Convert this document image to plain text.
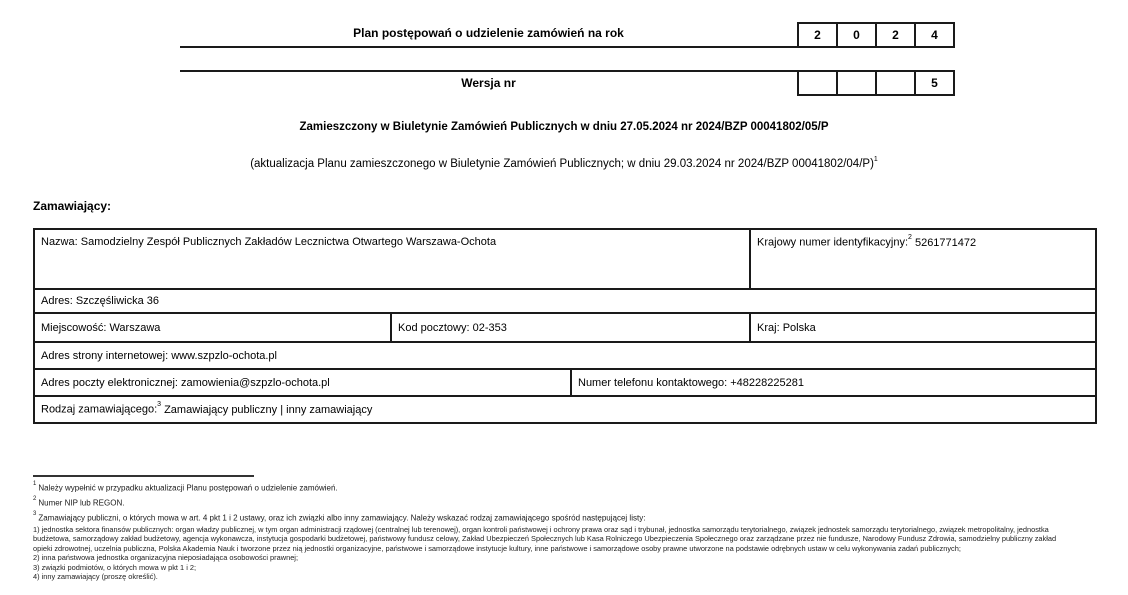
Plan postępowań o udzielenie zamówień na rok	2	0	2	4
Wersja nr	5
Zamieszczony w Biuletynie Zamówień Publicznych w dniu 27.05.2024 nr 2024/BZP 00041802/05/P
(aktualizacja Planu zamieszczonego w Biuletynie Zamówień Publicznych; w dniu 29.03.2024 nr 2024/BZP 00041802/04/P)$^1$
Zamawiający:
Nazwa: Samodzielny Zespół Publicznych Zakładów Lecznictwa Otwartego Warszawa-Ochota			Krajowy numer identyfikacyjny:$^2$ 5261771472
Adres: Szczęśliwicka 36			
Miejscowość: Warszawa	Kod pocztowy: 02-353		Kraj: Polska
Adres strony internetowej: www.szpzlo-ochota.pl			
Adres poczty elektronicznej: zamowienia@szpzlo-ochota.pl		Numer telefonu kontaktowego: +48228225281	
Rodzaj zamawiającego:$^3$ Zamawiający publiczny | inny zamawiający			
$^1$ Należy wypełnić w przypadku aktualizacji Planu postępowań o udzielenie zamówień.
$^2$ Numer NIP lub REGON.
$^3$ Zamawiający publiczni, o których mowa w art. 4 pkt 1 i 2 ustawy, oraz ich związki albo inny zamawiający. Należy wskazać rodzaj zamawiającego spośród następującej listy:
1) jednostka sektora finansów publicznych: organ władzy publicznej, w tym organ administracji rządowej (centralnej lub terenowej), organ kontroli państwowej i ochrony prawa oraz sąd i trybunał, jednostka samorządu terytorialnego, związek jednostek samorządu terytorialnego, związek metropolitalny, jednostka
budżetowa, samorządowy zakład budżetowy, agencja wykonawcza, instytucja gospodarki budżetowej, państwowy fundusz celowy, Zakład Ubezpieczeń Społecznych lub Kasa Rolniczego Ubezpieczenia Społecznego oraz zarządzane przez nie fundusze, Narodowy Fundusz Zdrowia, samodzielny publiczny zakład
opieki zdrowotnej, uczelnia publiczna, Polska Akademia Nauk i tworzone przez nią jednostki organizacyjne, państwowe i samorządowe instytucje kultury, inne państwowe i samorządowe osoby prawne utworzone na podstawie odrębnych ustaw w celu wykonywania zadań publicznych;
2) inna państwowa jednostka organizacyjna nieposiadająca osobowości prawnej;
3) związki podmiotów, o których mowa w pkt 1 i 2;
4) inny zamawiający (proszę określić).
